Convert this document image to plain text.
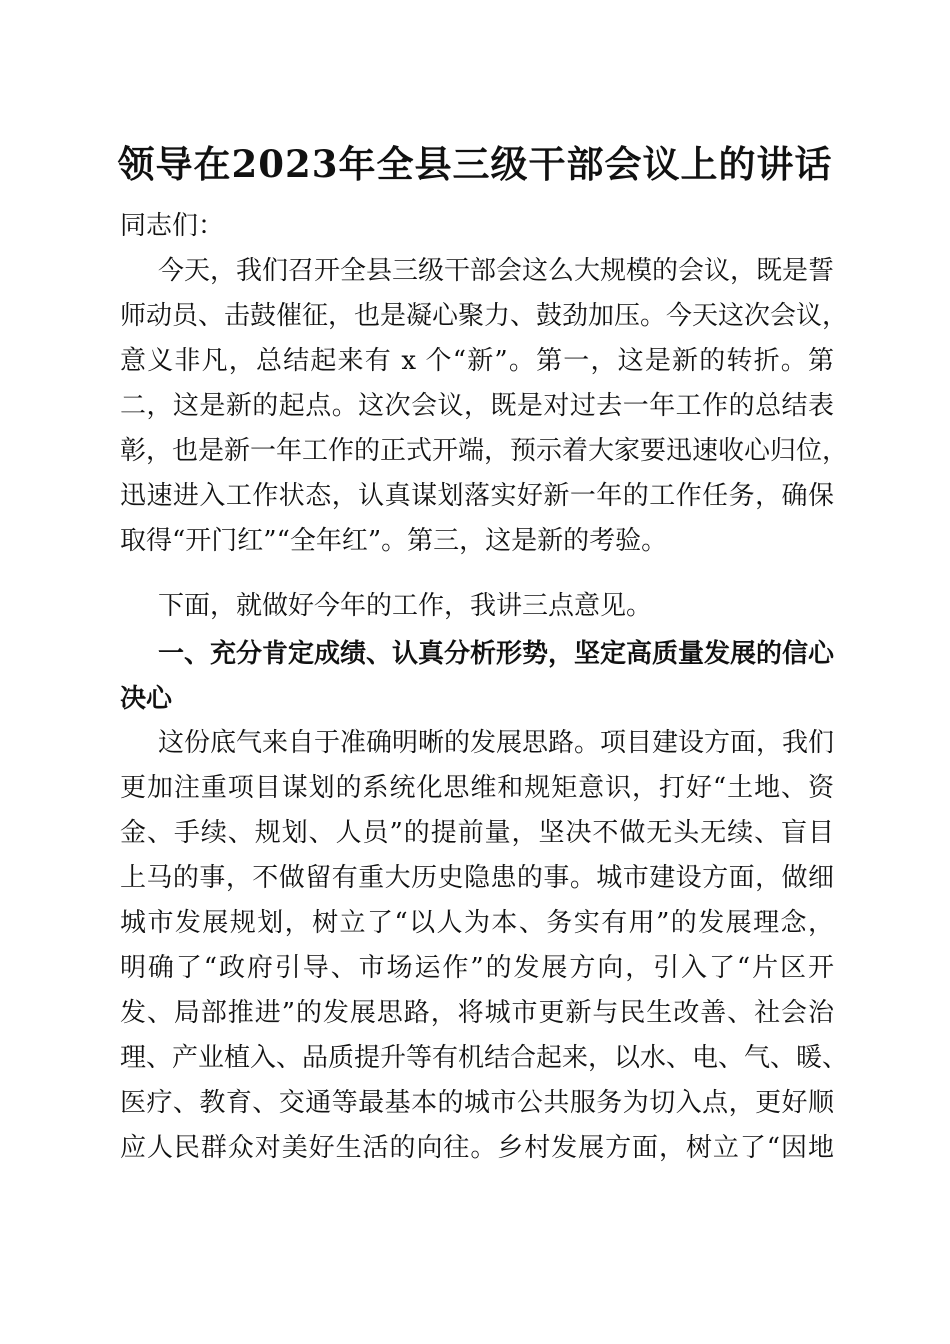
领导在2023年全县三级干部会议上的讲话
同志们：
今天，我们召开全县三级干部会这么大规模的会议，既是誓
师动员、击鼓催征，也是凝心聚力、鼓劲加压。今天这次会议，
意义非凡，总结起来有 x 个“新”。第一，这是新的转折。第
二，这是新的起点。这次会议，既是对过去一年工作的总结表
彰，也是新一年工作的正式开端，预示着大家要迅速收心归位，
迅速进入工作状态，认真谋划落实好新一年的工作任务，确保
取得“开门红”“全年红”。第三，这是新的考验。
下面，就做好今年的工作，我讲三点意见。
一、充分肯定成绩、认真分析形势，坚定高质量发展的信心
决心
这份底气来自于准确明晰的发展思路。项目建设方面，我们
更加注重项目谋划的系统化思维和规矩意识，打好“土地、资
金、手续、规划、人员”的提前量，坚决不做无头无续、盲目
上马的事，不做留有重大历史隐患的事。城市建设方面，做细
城市发展规划，树立了“以人为本、务实有用”的发展理念，
明确了“政府引导、市场运作”的发展方向，引入了“片区开
发、局部推进”的发展思路，将城市更新与民生改善、社会治
理、产业植入、品质提升等有机结合起来，以水、电、气、暖、
医疗、教育、交通等最基本的城市公共服务为切入点，更好顺
应人民群众对美好生活的向往。乡村发展方面，树立了“因地
